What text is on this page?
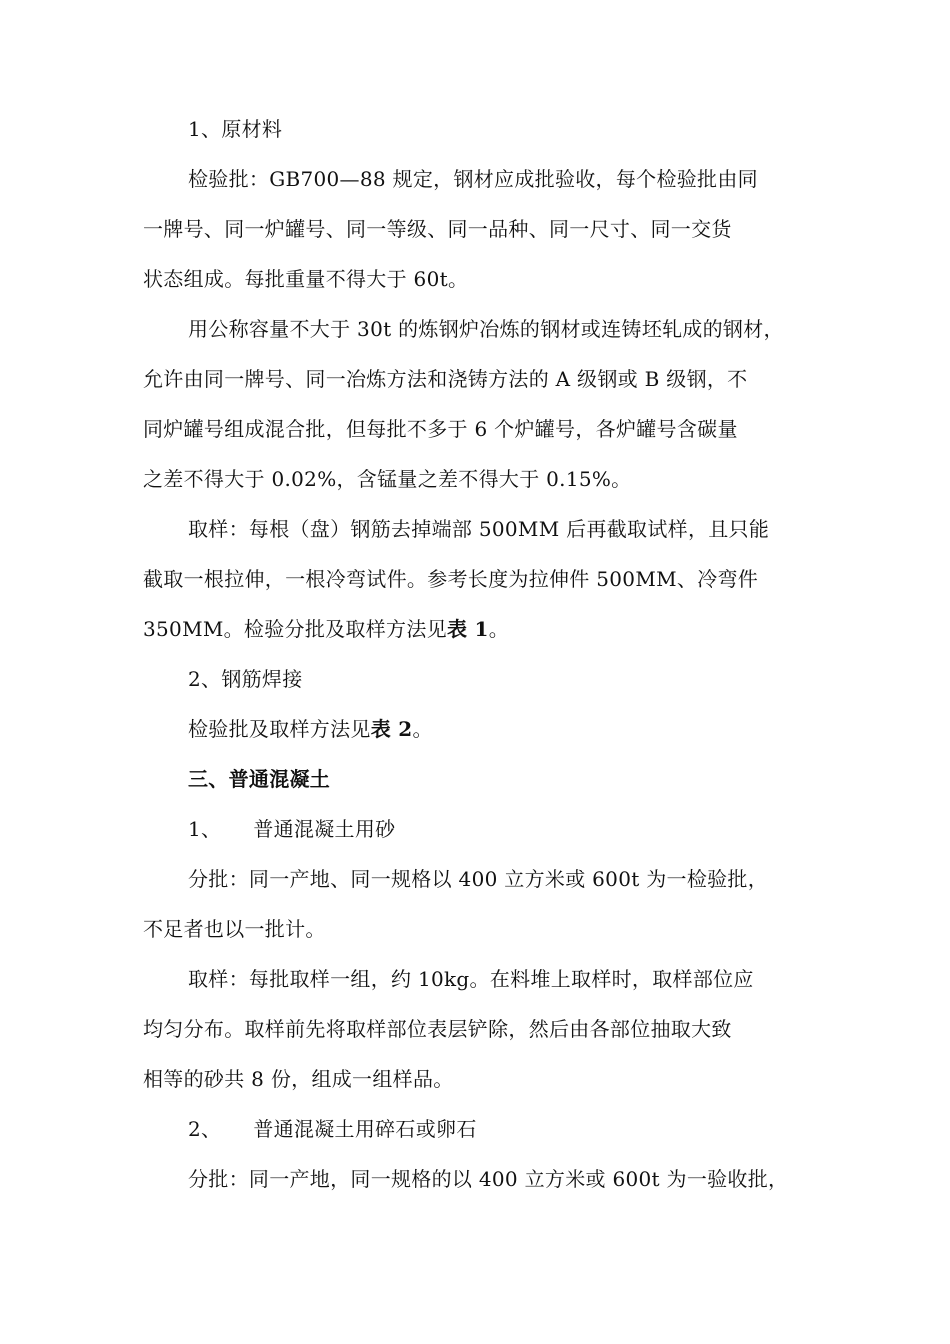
1、原材料
检验批：GB700—88 规定，钢材应成批验收，每个检验批由同
一牌号、同一炉罐号、同一等级、同一品种、同一尺寸、同一交货
状态组成。每批重量不得大于 60t。
用公称容量不大于 30t 的炼钢炉冶炼的钢材或连铸坯轧成的钢材，
允许由同一牌号、同一冶炼方法和浇铸方法的 A 级钢或 B 级钢，不
同炉罐号组成混合批，但每批不多于 6 个炉罐号，各炉罐号含碳量
之差不得大于 0.02%，含锰量之差不得大于 0.15%。
取样：每根（盘）钢筋去掉端部 500MM 后再截取试样，且只能
截取一根拉伸，一根冷弯试件。参考长度为拉伸件 500MM、冷弯件
350MM。检验分批及取样方法见表 1。
2、钢筋焊接
检验批及取样方法见表 2。
三、普通混凝土
1、 普通混凝土用砂
分批：同一产地、同一规格以 400 立方米或 600t 为一检验批，
不足者也以一批计。
取样：每批取样一组，约 10kg。在料堆上取样时，取样部位应
均匀分布。取样前先将取样部位表层铲除，然后由各部位抽取大致
相等的砂共 8 份，组成一组样品。
2、 普通混凝土用碎石或卵石
分批：同一产地，同一规格的以 400 立方米或 600t 为一验收批，
